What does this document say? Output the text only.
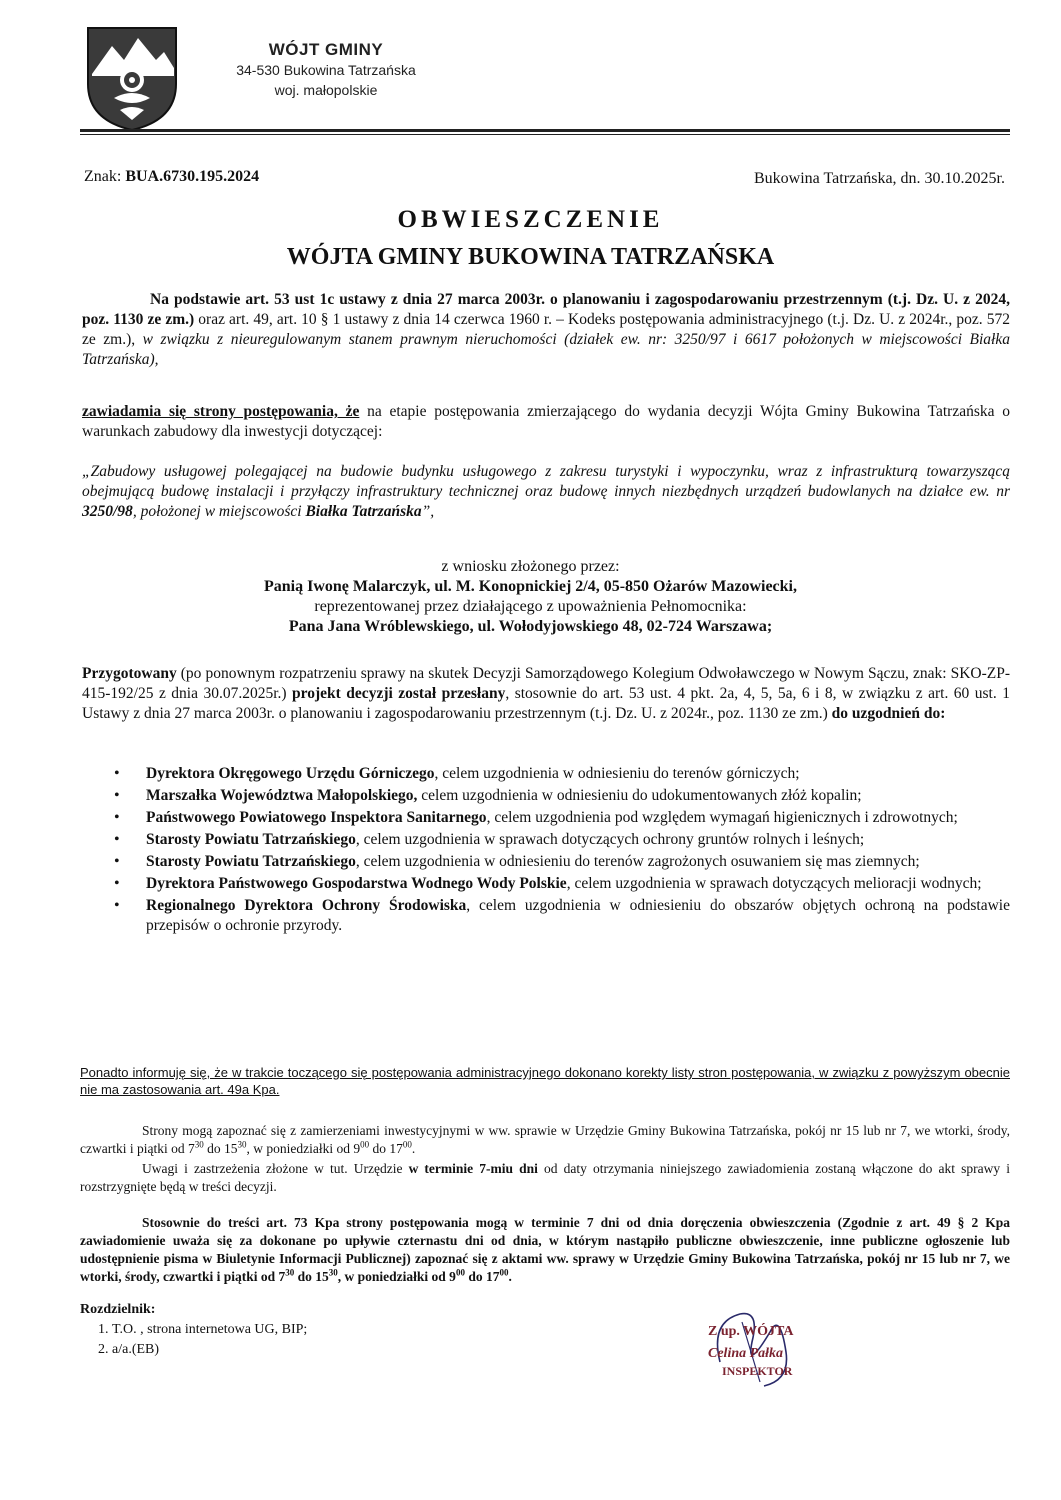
WÓJT GMINY
34-530 Bukowina Tatrzańska
woj. małopolskie
Znak: BUA.6730.195.2024	Bukowina Tatrzańska, dn. 30.10.2025r.
OBWIESZCZENIE
WÓJTA GMINY BUKOWINA TATRZAŃSKA
Na podstawie art. 53 ust 1c ustawy z dnia 27 marca 2003r. o planowaniu i zagospodarowaniu przestrzennym (t.j. Dz. U. z 2024, poz. 1130 ze zm.) oraz art. 49, art. 10 § 1 ustawy z dnia 14 czerwca 1960 r. – Kodeks postępowania administracyjnego (t.j. Dz. U. z 2024r., poz. 572 ze zm.), w związku z nieuregulowanym stanem prawnym nieruchomości (działek ew. nr: 3250/97 i 6617 położonych w miejscowości Białka Tatrzańska),
zawiadamia się strony postępowania, że na etapie postępowania zmierzającego do wydania decyzji Wójta Gminy Bukowina Tatrzańska o warunkach zabudowy dla inwestycji dotyczącej:
„Zabudowy usługowej polegającej na budowie budynku usługowego z zakresu turystyki i wypoczynku, wraz z infrastrukturą towarzyszącą obejmującą budowę instalacji i przyłączy infrastruktury technicznej oraz budowę innych niezbędnych urządzeń budowlanych na działce ew. nr 3250/98, położonej w miejscowości Białka Tatrzańska”,
z wniosku złożonego przez:
Panią Iwonę Malarczyk, ul. M. Konopnickiej 2/4, 05-850 Ożarów Mazowiecki,
reprezentowanej przez działającego z upoważnienia Pełnomocnika:
Pana Jana Wróblewskiego, ul. Wołodyjowskiego 48, 02-724 Warszawa;
Przygotowany (po ponownym rozpatrzeniu sprawy na skutek Decyzji Samorządowego Kolegium Odwoławczego w Nowym Sączu, znak: SKO-ZP-415-192/25 z dnia 30.07.2025r.) projekt decyzji został przesłany, stosownie do art. 53 ust. 4 pkt. 2a, 4, 5, 5a, 6 i 8, w związku z art. 60 ust. 1 Ustawy z dnia 27 marca 2003r. o planowaniu i zagospodarowaniu przestrzennym (t.j. Dz. U. z 2024r., poz. 1130 ze zm.) do uzgodnień do:
• Dyrektora Okręgowego Urzędu Górniczego, celem uzgodnienia w odniesieniu do terenów górniczych;
• Marszałka Województwa Małopolskiego, celem uzgodnienia w odniesieniu do udokumentowanych złóż kopalin;
• Państwowego Powiatowego Inspektora Sanitarnego, celem uzgodnienia pod względem wymagań higienicznych i zdrowotnych;
• Starosty Powiatu Tatrzańskiego, celem uzgodnienia w sprawach dotyczących ochrony gruntów rolnych i leśnych;
• Starosty Powiatu Tatrzańskiego, celem uzgodnienia w odniesieniu do terenów zagrożonych osuwaniem się mas ziemnych;
• Dyrektora Państwowego Gospodarstwa Wodnego Wody Polskie, celem uzgodnienia w sprawach dotyczących melioracji wodnych;
• Regionalnego Dyrektora Ochrony Środowiska, celem uzgodnienia w odniesieniu do obszarów objętych ochroną na podstawie przepisów o ochronie przyrody.
Ponadto informuję się, że w trakcie toczącego się postępowania administracyjnego dokonano korekty listy stron postępowania, w związku z powyższym obecnie nie ma zastosowania art. 49a Kpa.
Strony mogą zapoznać się z zamierzeniami inwestycyjnymi w ww. sprawie w Urzędzie Gminy Bukowina Tatrzańska, pokój nr 15 lub nr 7, we wtorki, środy, czwartki i piątki od $7^{30}$ do $15^{30}$, w poniedziałki od $9^{00}$ do $17^{00}$.
Uwagi i zastrzeżenia złożone w tut. Urzędzie w terminie 7-miu dni od daty otrzymania niniejszego zawiadomienia zostaną włączone do akt sprawy i rozstrzygnięte będą w treści decyzji.
Stosownie do treści art. 73 Kpa strony postępowania mogą w terminie 7 dni od dnia doręczenia obwieszczenia (Zgodnie z art. 49 § 2 Kpa zawiadomienie uważa się za dokonane po upływie czternastu dni od dnia, w którym nastąpiło publiczne obwieszczenie, inne publiczne ogłoszenie lub udostępnienie pisma w Biuletynie Informacji Publicznej) zapoznać się z aktami ww. sprawy w Urzędzie Gminy Bukowina Tatrzańska, pokój nr 15 lub nr 7, we wtorki, środy, czwartki i piątki od $7^{30}$ do $15^{30}$, w poniedziałki od $9^{00}$ do $17^{00}$.
Rozdzielnik:
1. T.O. , strona internetowa UG, BIP;
2. a/a.(EB)
Z up. WÓJTA
Celina Pałka
INSPEKTOR
